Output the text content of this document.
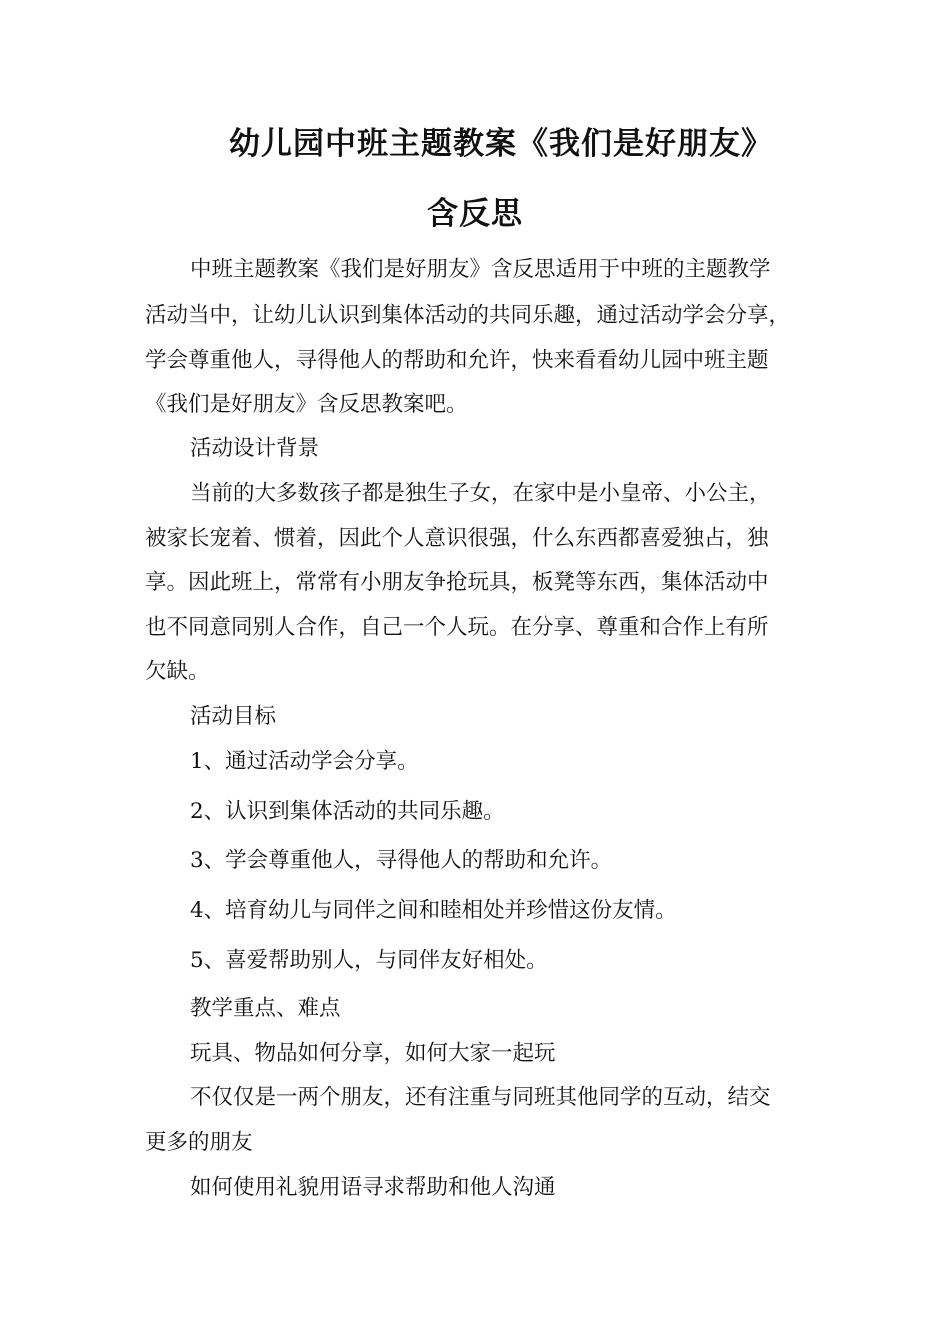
幼儿园中班主题教案《我们是好朋友》
含反思
中班主题教案《我们是好朋友》含反思适用于中班的主题教学
活动当中，让幼儿认识到集体活动的共同乐趣，通过活动学会分享，
学会尊重他人，寻得他人的帮助和允许，快来看看幼儿园中班主题
《我们是好朋友》含反思教案吧。
活动设计背景
当前的大多数孩子都是独生子女，在家中是小皇帝、小公主，
被家长宠着、惯着，因此个人意识很强，什么东西都喜爱独占，独
享。因此班上，常常有小朋友争抢玩具，板凳等东西，集体活动中
也不同意同别人合作，自己一个人玩。在分享、尊重和合作上有所
欠缺。
活动目标
1、通过活动学会分享。
2、认识到集体活动的共同乐趣。
3、学会尊重他人，寻得他人的帮助和允许。
4、培育幼儿与同伴之间和睦相处并珍惜这份友情。
5、喜爱帮助别人，与同伴友好相处。
教学重点、难点
玩具、物品如何分享，如何大家一起玩
不仅仅是一两个朋友，还有注重与同班其他同学的互动，结交
更多的朋友
如何使用礼貌用语寻求帮助和他人沟通
